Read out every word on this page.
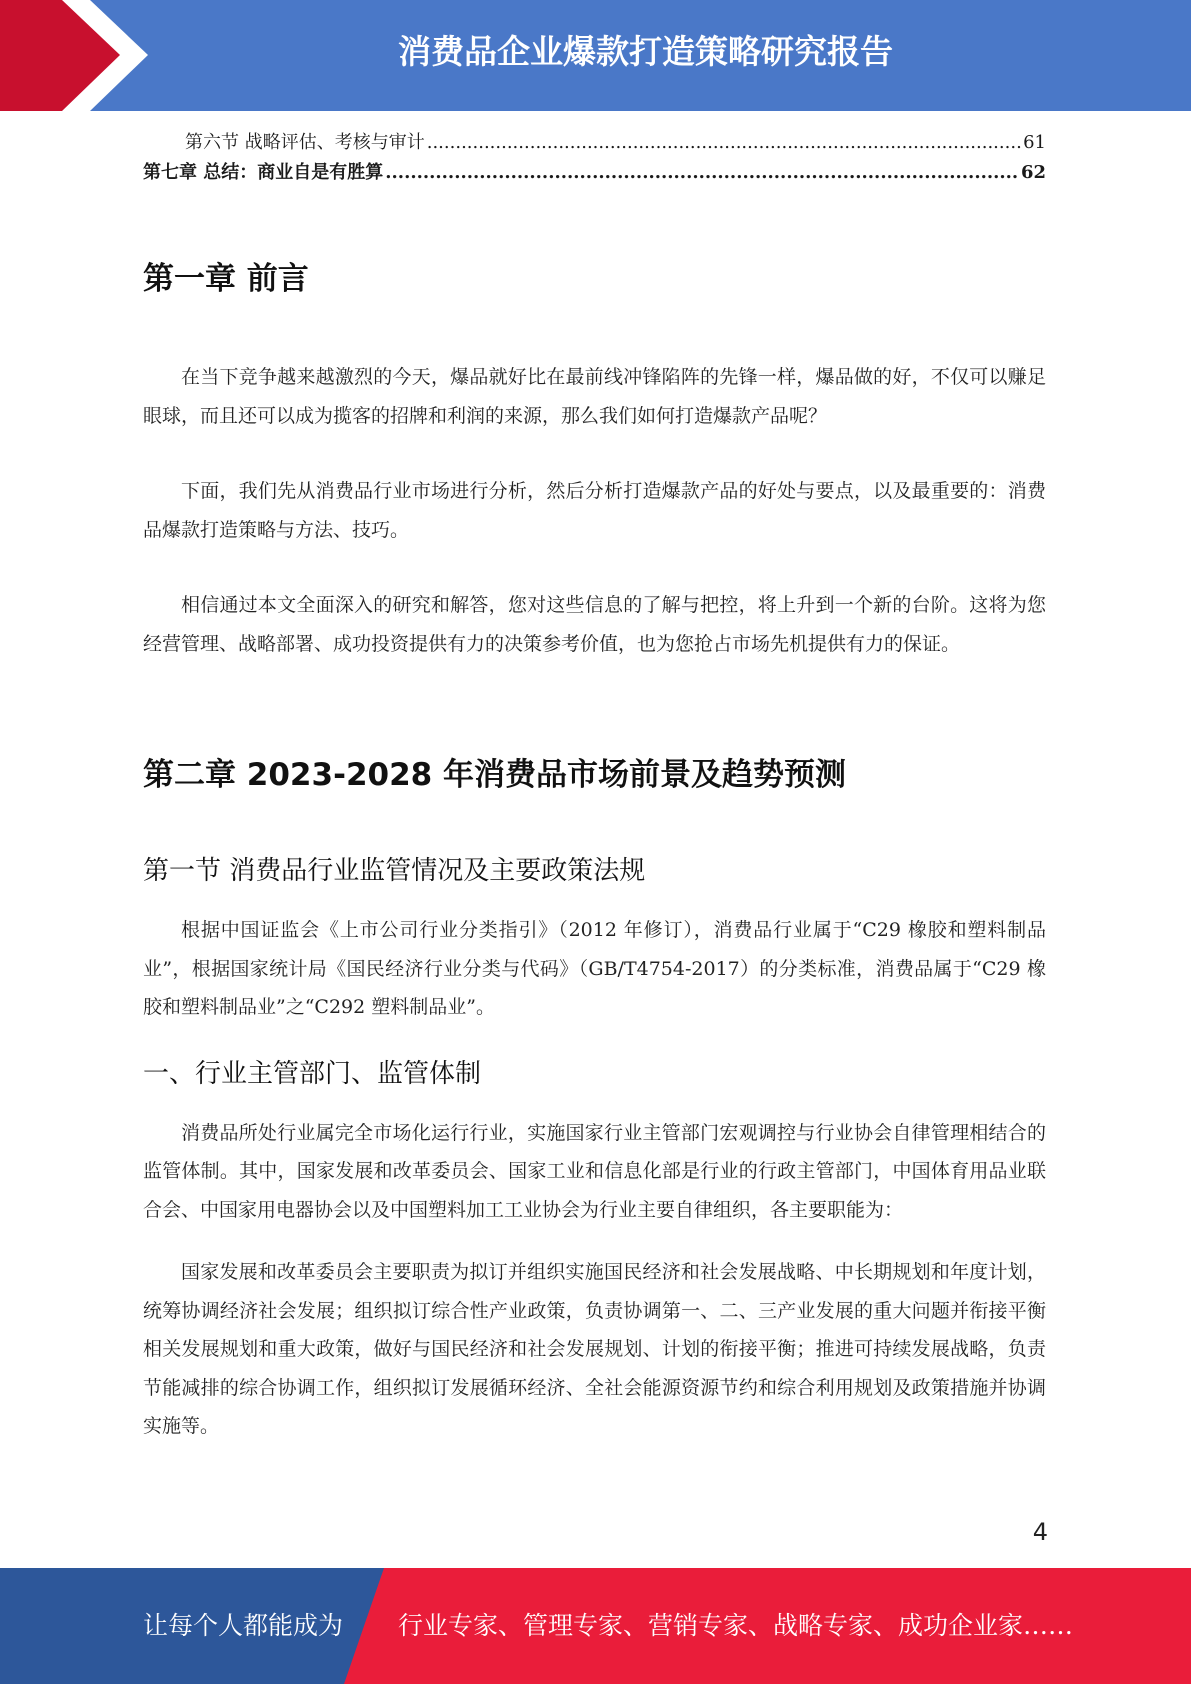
消费品企业爆款打造策略研究报告
第六节 战略评估、考核与审计 .....	61
第七章 总结：商业自是有胜算 .....	62
第一章 前言

在当下竞争越来越激烈的今天，爆品就好比在最前线冲锋陷阵的先锋一样，爆品做的好，不仅可以赚足眼球，而且还可以成为揽客的招牌和利润的来源，那么我们如何打造爆款产品呢？

下面，我们先从消费品行业市场进行分析，然后分析打造爆款产品的好处与要点，以及最重要的：消费品爆款打造策略与方法、技巧。

相信通过本文全面深入的研究和解答，您对这些信息的了解与把控，将上升到一个新的台阶。这将为您经营管理、战略部署、成功投资提供有力的决策参考价值，也为您抢占市场先机提供有力的保证。

第二章 2023-2028 年消费品市场前景及趋势预测
第一节 消费品行业监管情况及主要政策法规

根据中国证监会《上市公司行业分类指引》（2012 年修订），消费品行业属于“C29 橡胶和塑料制品业”，根据国家统计局《国民经济行业分类与代码》（GB/T4754-2017）的分类标准，消费品属于“C29 橡胶和塑料制品业”之“C292 塑料制品业”。

一、行业主管部门、监管体制

消费品所处行业属完全市场化运行行业，实施国家行业主管部门宏观调控与行业协会自律管理相结合的监管体制。其中，国家发展和改革委员会、国家工业和信息化部是行业的行政主管部门，中国体育用品业联合会、中国家用电器协会以及中国塑料加工工业协会为行业主要自律组织，各主要职能为：

国家发展和改革委员会主要职责为拟订并组织实施国民经济和社会发展战略、中长期规划和年度计划，统筹协调经济社会发展；组织拟订综合性产业政策，负责协调第一、二、三产业发展的重大问题并衔接平衡相关发展规划和重大政策，做好与国民经济和社会发展规划、计划的衔接平衡；推进可持续发展战略，负责节能减排的综合协调工作，组织拟订发展循环经济、全社会能源资源节约和综合利用规划及政策措施并协调实施等。

4
让每个人都能成为 行业专家、管理专家、营销专家、战略专家、成功企业家……
